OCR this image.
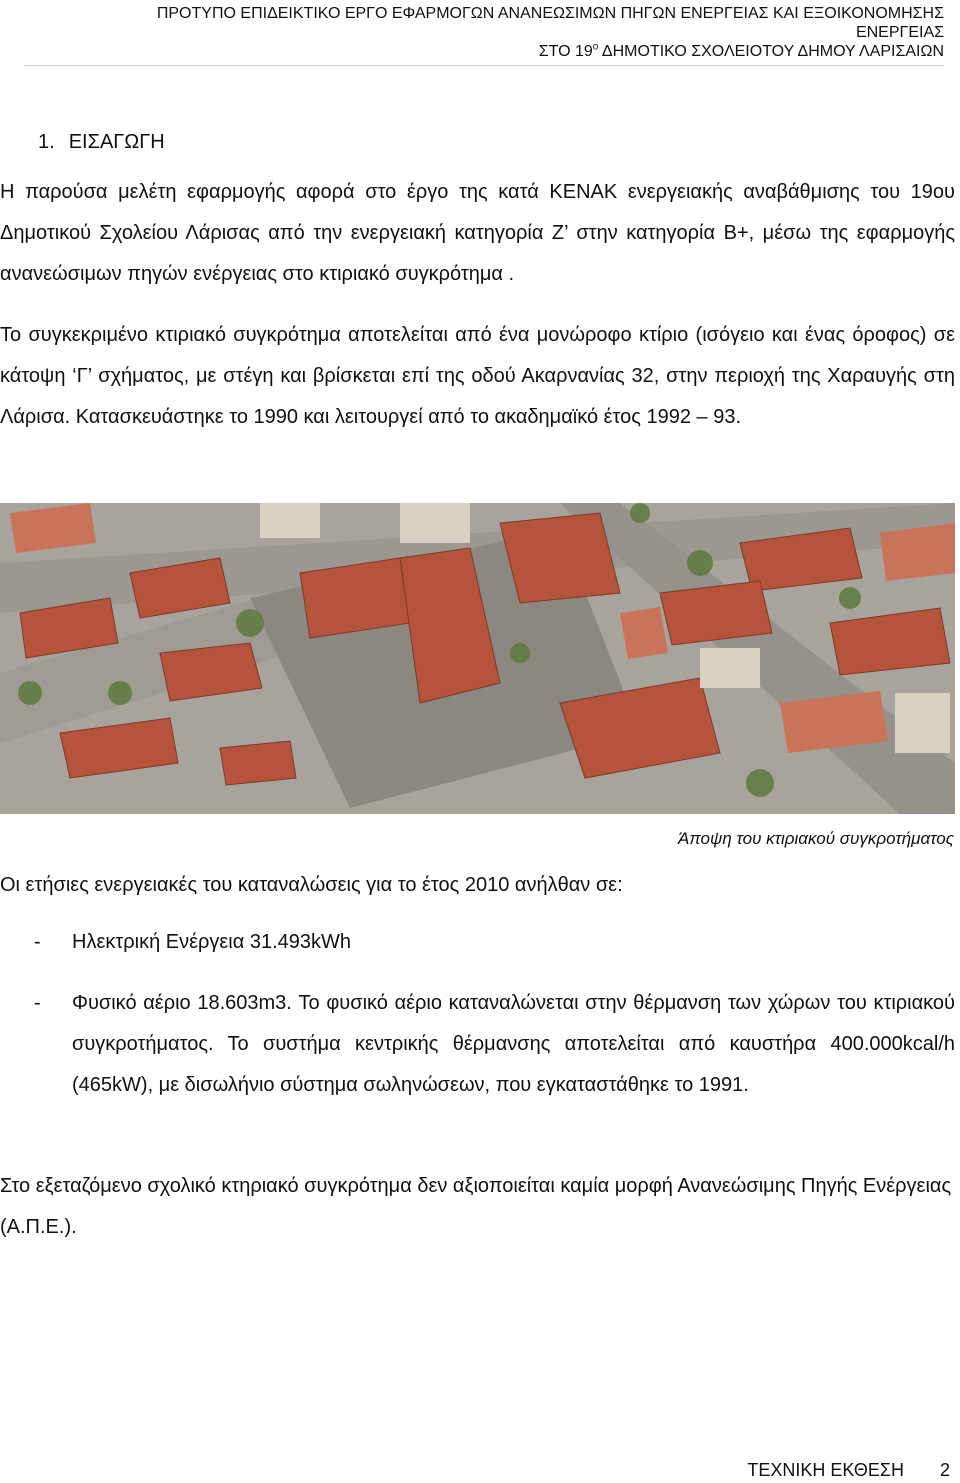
ΠΡΟΤΥΠΟ ΕΠΙΔΕΙΚΤΙΚΟ ΕΡΓΟ ΕΦΑΡΜΟΓΩΝ ΑΝΑΝΕΩΣΙΜΩΝ ΠΗΓΩΝ ΕΝΕΡΓΕΙΑΣ ΚΑΙ ΕΞΟΙΚΟΝΟΜΗΣΗΣ
ΕΝΕΡΓΕΙΑΣ
ΣΤΟ $19^o$ ΔΗΜΟΤΙΚΟ ΣΧΟΛΕΙΟΤΟΥ ΔΗΜΟΥ ΛΑΡΙΣΑΙΩΝ
1. ΕΙΣΑΓΩΓΗ
Η παρούσα μελέτη εφαρμογής αφορά στο έργο της κατά ΚΕΝΑΚ ενεργειακής αναβάθμισης του 19ου Δημοτικού Σχολείου Λάρισας από την ενεργειακή κατηγορία Ζ’ στην κατηγορία Β+, μέσω της εφαρμογής ανανεώσιμων πηγών ενέργειας στο κτιριακό συγκρότημα .
Το συγκεκριμένο κτιριακό συγκρότημα αποτελείται από ένα μονώροφο κτίριο (ισόγειο και ένας όροφος) σε κάτοψη ‘Γ’ σχήματος, με στέγη και βρίσκεται επί της οδού Ακαρνανίας 32, στην περιοχή της Χαραυγής στη Λάρισα. Κατασκευάστηκε το 1990 και λειτουργεί από το ακαδημαϊκό έτος 1992 – 93.
Άποψη του κτιριακού συγκροτήματος
Οι ετήσιες ενεργειακές του καταναλώσεις για το έτος 2010 ανήλθαν σε:
- Ηλεκτρική Ενέργεια 31.493kWh
- Φυσικό αέριο 18.603m3. Το φυσικό αέριο καταναλώνεται στην θέρμανση των χώρων του κτιριακού συγκροτήματος. Το συστήμα κεντρικής θέρμανσης αποτελείται από καυστήρα 400.000kcal/h (465kW), με δισωλήνιο σύστημα σωληνώσεων, που εγκαταστάθηκε το 1991.
Στο εξεταζόμενο σχολικό κτηριακό συγκρότημα δεν αξιοποιείται καμία μορφή Ανανεώσιμης Πηγής Ενέργειας (Α.Π.Ε.).
ΤΕΧΝΙΚΗ ΕΚΘΕΣΗ 2
